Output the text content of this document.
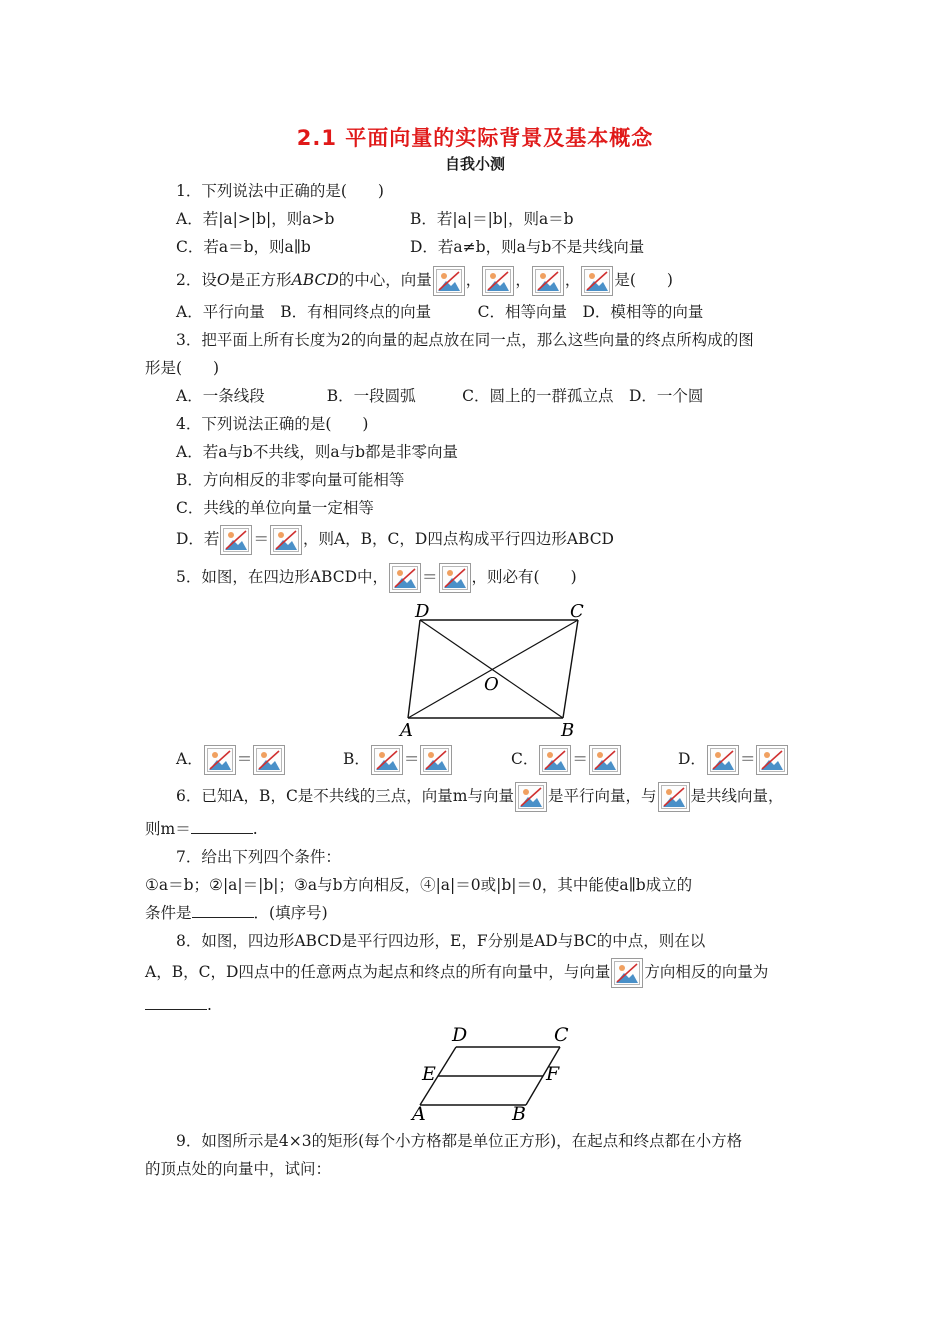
2.1 平面向量的实际背景及基本概念
自我小测
1．下列说法中正确的是(　　)
A．若|a|>|b|，则a>b	B．若|a|＝|b|，则a＝b
C．若a＝b，则a∥b	D．若a≠b，则a与b不是共线向量
2．设O是正方形ABCD的中心，向量 ， ， ， 是(　　)
A．平行向量　B．有相同终点的向量　　　C．相等向量　D．模相等的向量
3．把平面上所有长度为2的向量的起点放在同一点，那么这些向量的终点所构成的图
形是(　　)
A．一条线段　　　　B．一段圆弧　　　C．圆上的一群孤立点　D．一个圆
4．下列说法正确的是(　　)
A．若a与b不共线，则a与b都是非零向量
B．方向相反的非零向量可能相等
C．共线的单位向量一定相等
D．若 ＝ ，则A，B，C，D四点构成平行四边形ABCD
5．如图，在四边形ABCD中， ＝ ，则必有(　　)
D	C
O
A	B
A． ＝	B． ＝	C． ＝	D． ＝
6．已知A，B，C是不共线的三点，向量m与向量 是平行向量，与 是共线向量，
则m＝	.
7．给出下列四个条件：
①a＝b；②|a|＝|b|；③a与b方向相反，④|a|＝0或|b|＝0，其中能使a∥b成立的
条件是	．(填序号)
8．如图，四边形ABCD是平行四边形，E，F分别是AD与BC的中点，则在以
A，B，C，D四点中的任意两点为起点和终点的所有向量中，与向量 方向相反的向量为
.
D	C
E	F
A	B
9．如图所示是4×3的矩形(每个小方格都是单位正方形)，在起点和终点都在小方格
的顶点处的向量中，试问：
